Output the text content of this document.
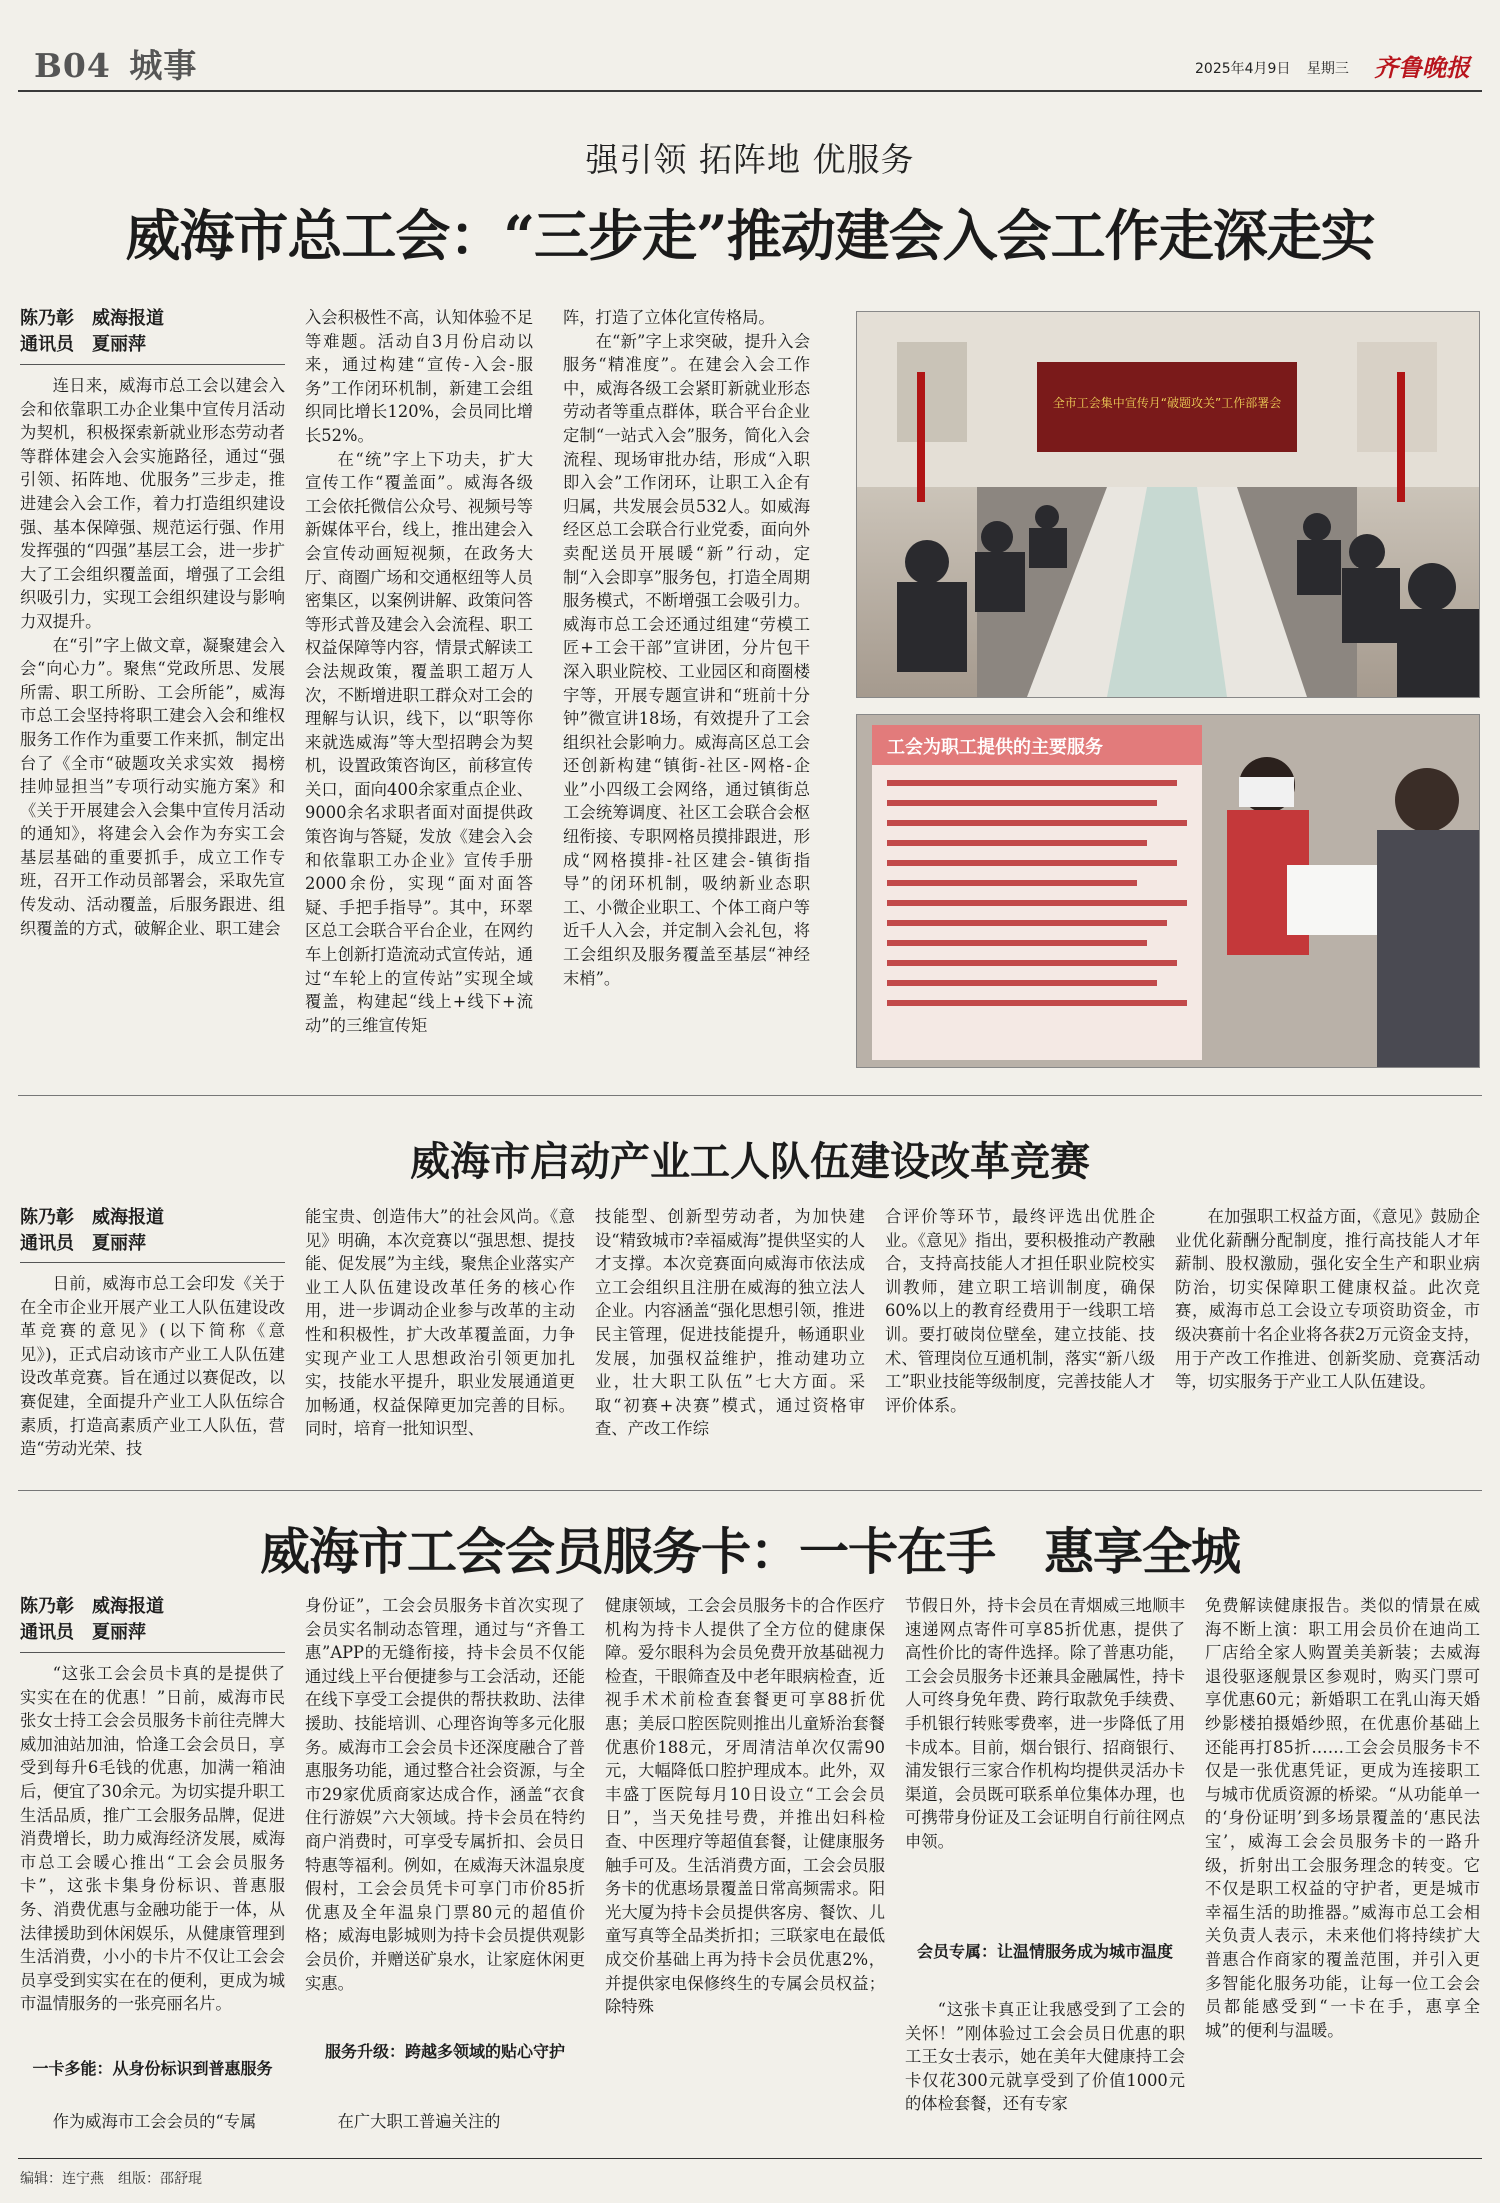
B04 城事	2025年4月9日 星期三 齐鲁晚报
强引领 拓阵地 优服务
威海市总工会：“三步走”推动建会入会工作走深走实
陈乃彰　威海报道
通讯员　夏丽萍

连日来，威海市总工会以建会入会和依靠职工办企业集中宣传月活动为契机，积极探索新就业形态劳动者等群体建会入会实施路径，通过“强引领、拓阵地、优服务”三步走，推进建会入会工作，着力打造组织建设强、基本保障强、规范运行强、作用发挥强的“四强”基层工会，进一步扩大了工会组织覆盖面，增强了工会组织吸引力，实现工会组织建设与影响力双提升。

在“引”字上做文章，凝聚建会入会“向心力”。聚焦“党政所思、发展所需、职工所盼、工会所能”，威海市总工会坚持将职工建会入会和维权服务工作作为重要工作来抓，制定出台了《全市“破题攻关求实效　揭榜挂帅显担当”专项行动实施方案》和《关于开展建会入会集中宣传月活动的通知》，将建会入会作为夯实工会基层基础的重要抓手，成立工作专班，召开工作动员部署会，采取先宣传发动、活动覆盖，后服务跟进、组织覆盖的方式，破解企业、职工建会

入会积极性不高，认知体验不足等难题。活动自3月份启动以来，通过构建“宣传-入会-服务”工作闭环机制，新建工会组织同比增长120%，会员同比增长52%。

在“统”字上下功夫，扩大宣传工作“覆盖面”。威海各级工会依托微信公众号、视频号等新媒体平台，线上，推出建会入会宣传动画短视频，在政务大厅、商圈广场和交通枢纽等人员密集区，以案例讲解、政策问答等形式普及建会入会流程、职工权益保障等内容，情景式解读工会法规政策，覆盖职工超万人次，不断增进职工群众对工会的理解与认识，线下，以“职等你来就选威海”等大型招聘会为契机，设置政策咨询区，前移宣传关口，面向400余家重点企业、9000余名求职者面对面提供政策咨询与答疑，发放《建会入会和依靠职工办企业》宣传手册2000余份，实现“面对面答疑、手把手指导”。其中，环翠区总工会联合平台企业，在网约车上创新打造流动式宣传站，通过“车轮上的宣传站”实现全域覆盖，构建起“线上+线下+流动”的三维宣传矩

阵，打造了立体化宣传格局。

在“新”字上求突破，提升入会服务“精准度”。在建会入会工作中，威海各级工会紧盯新就业形态劳动者等重点群体，联合平台企业定制“一站式入会”服务，简化入会流程、现场审批办结，形成“入职即入会”工作闭环，让职工入企有归属，共发展会员532人。如威海经区总工会联合行业党委，面向外卖配送员开展暖“新”行动，定制“入会即享”服务包，打造全周期服务模式，不断增强工会吸引力。威海市总工会还通过组建“劳模工匠+工会干部”宣讲团，分片包干深入职业院校、工业园区和商圈楼宇等，开展专题宣讲和“班前十分钟”微宣讲18场，有效提升了工会组织社会影响力。威海高区总工会还创新构建“镇街-社区-网格-企业”小四级工会网络，通过镇街总工会统筹调度、社区工会联合会枢纽衔接、专职网格员摸排跟进，形成“网格摸排-社区建会-镇街指导”的闭环机制，吸纳新业态职工、小微企业职工、个体工商户等近千人入会，并定制入会礼包，将工会组织及服务覆盖至基层“神经末梢”。

全市工会集中宣传月“破题攻关”工作部署会
工会为职工提供的主要服务
威海市启动产业工人队伍建设改革竞赛
陈乃彰　威海报道
通讯员　夏丽萍

日前，威海市总工会印发《关于在全市企业开展产业工人队伍建设改革竞赛的意见》(以下简称《意见》)，正式启动该市产业工人队伍建设改革竞赛。旨在通过以赛促改，以赛促建，全面提升产业工人队伍综合素质，打造高素质产业工人队伍，营造“劳动光荣、技

能宝贵、创造伟大”的社会风尚。《意见》明确，本次竞赛以“强思想、提技能、促发展”为主线，聚焦企业落实产业工人队伍建设改革任务的核心作用，进一步调动企业参与改革的主动性和积极性，扩大改革覆盖面，力争实现产业工人思想政治引领更加扎实，技能水平提升，职业发展通道更加畅通，权益保障更加完善的目标。同时，培育一批知识型、

技能型、创新型劳动者，为加快建设“精致城市?幸福威海”提供坚实的人才支撑。本次竞赛面向威海市依法成立工会组织且注册在威海的独立法人企业。内容涵盖“强化思想引领，推进民主管理，促进技能提升，畅通职业发展，加强权益维护，推动建功立业，壮大职工队伍”七大方面。采取“初赛+决赛”模式，通过资格审查、产改工作综

合评价等环节，最终评选出优胜企业。《意见》指出，要积极推动产教融合，支持高技能人才担任职业院校实训教师，建立职工培训制度，确保60%以上的教育经费用于一线职工培训。要打破岗位壁垒，建立技能、技术、管理岗位互通机制，落实“新八级工”职业技能等级制度，完善技能人才评价体系。

在加强职工权益方面，《意见》鼓励企业优化薪酬分配制度，推行高技能人才年薪制、股权激励，强化安全生产和职业病防治，切实保障职工健康权益。此次竞赛，威海市总工会设立专项资助资金，市级决赛前十名企业将各获2万元资金支持，用于产改工作推进、创新奖励、竞赛活动等，切实服务于产业工人队伍建设。

威海市工会会员服务卡：一卡在手　惠享全城
陈乃彰　威海报道
通讯员　夏丽萍

“这张工会会员卡真的是提供了实实在在的优惠！”日前，威海市民张女士持工会会员服务卡前往壳牌大威加油站加油，恰逢工会会员日，享受到每升6毛钱的优惠，加满一箱油后，便宜了30余元。为切实提升职工生活品质，推广工会服务品牌，促进消费增长，助力威海经济发展，威海市总工会暖心推出“工会会员服务卡”，这张卡集身份标识、普惠服务、消费优惠与金融功能于一体，从法律援助到休闲娱乐，从健康管理到生活消费，小小的卡片不仅让工会会员享受到实实在在的便利，更成为城市温情服务的一张亮丽名片。

一卡多能：从身份标识到普惠服务

作为威海市工会会员的“专属

身份证”，工会会员服务卡首次实现了会员实名制动态管理，通过与“齐鲁工惠”APP的无缝衔接，持卡会员不仅能通过线上平台便捷参与工会活动，还能在线下享受工会提供的帮扶救助、法律援助、技能培训、心理咨询等多元化服务。威海市工会会员卡还深度融合了普惠服务功能，通过整合社会资源，与全市29家优质商家达成合作，涵盖“衣食住行游娱”六大领域。持卡会员在特约商户消费时，可享受专属折扣、会员日特惠等福利。例如，在威海天沐温泉度假村，工会会员凭卡可享门市价85折优惠及全年温泉门票80元的超值价格；威海电影城则为持卡会员提供观影会员价，并赠送矿泉水，让家庭休闲更实惠。

服务升级：跨越多领域的贴心守护

在广大职工普遍关注的

健康领域，工会会员服务卡的合作医疗机构为持卡人提供了全方位的健康保障。爱尔眼科为会员免费开放基础视力检查，干眼筛查及中老年眼病检查，近视手术术前检查套餐更可享88折优惠；美辰口腔医院则推出儿童矫治套餐优惠价188元，牙周清洁单次仅需90元，大幅降低口腔护理成本。此外，双丰盛丁医院每月10日设立“工会会员日”，当天免挂号费，并推出妇科检查、中医理疗等超值套餐，让健康服务触手可及。生活消费方面，工会会员服务卡的优惠场景覆盖日常高频需求。阳光大厦为持卡会员提供客房、餐饮、儿童写真等全品类折扣；三联家电在最低成交价基础上再为持卡会员优惠2%，并提供家电保修终生的专属会员权益；除特殊

节假日外，持卡会员在青烟威三地顺丰速递网点寄件可享85折优惠，提供了高性价比的寄件选择。除了普惠功能，工会会员服务卡还兼具金融属性，持卡人可终身免年费、跨行取款免手续费、手机银行转账零费率，进一步降低了用卡成本。目前，烟台银行、招商银行、浦发银行三家合作机构均提供灵活办卡渠道，会员既可联系单位集体办理，也可携带身份证及工会证明自行前往网点申领。

会员专属：让温情服务成为城市温度

“这张卡真正让我感受到了工会的关怀！”刚体验过工会会员日优惠的职工王女士表示，她在美年大健康持工会卡仅花300元就享受到了价值1000元的体检套餐，还有专家

免费解读健康报告。类似的情景在威海不断上演：职工用会员价在迪尚工厂店给全家人购置美美新装；去威海退役驱逐舰景区参观时，购买门票可享优惠60元；新婚职工在乳山海天婚纱影楼拍摄婚纱照，在优惠价基础上还能再打85折……工会会员服务卡不仅是一张优惠凭证，更成为连接职工与城市优质资源的桥梁。“从功能单一的‘身份证明’到多场景覆盖的‘惠民法宝’，威海工会会员服务卡的一路升级，折射出工会服务理念的转变。它不仅是职工权益的守护者，更是城市幸福生活的助推器。”威海市总工会相关负责人表示，未来他们将持续扩大普惠合作商家的覆盖范围，并引入更多智能化服务功能，让每一位工会会员都能感受到“一卡在手，惠享全城”的便利与温暖。

编辑：连宁燕　组版：邵舒琨
